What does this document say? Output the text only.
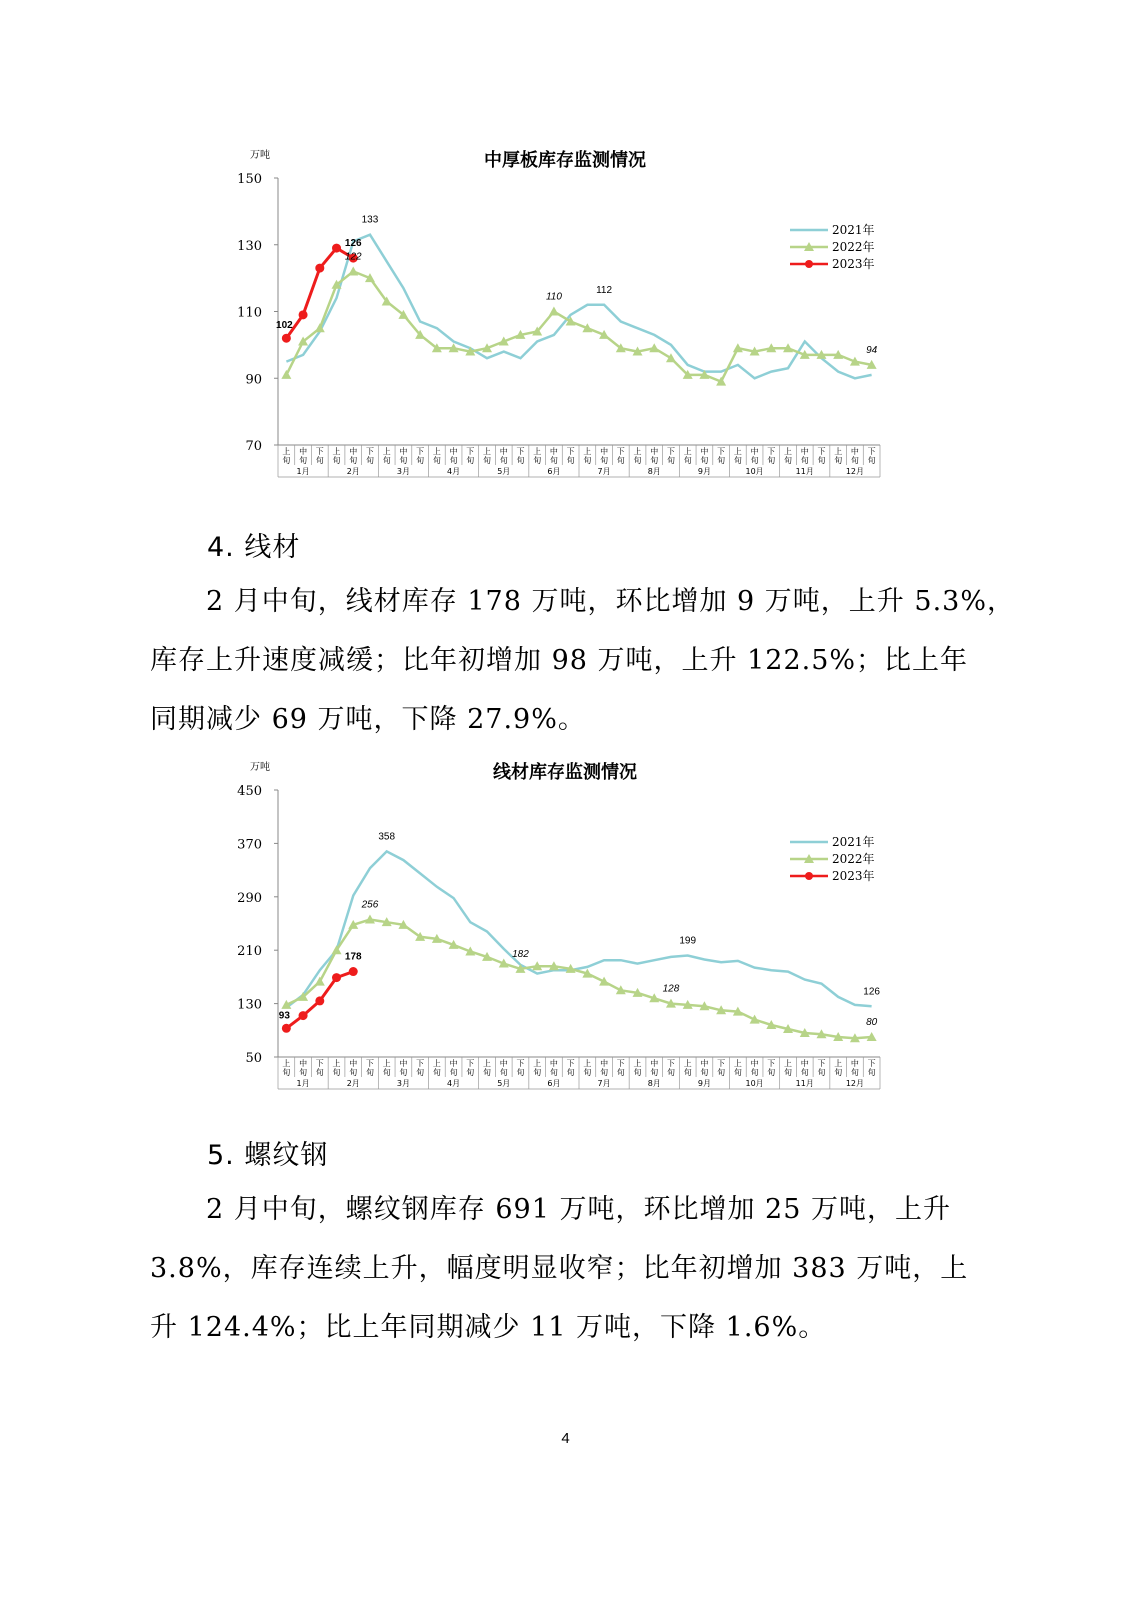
中厚板库存监测情况
万吨
70
90
110
130
150
上
旬
中
旬
下
旬
上
旬
中
旬
下
旬
上
旬
中
旬
下
旬
上
旬
中
旬
下
旬
上
旬
中
旬
下
旬
上
旬
中
旬
下
旬
上
旬
中
旬
下
旬
上
旬
中
旬
下
旬
上
旬
中
旬
下
旬
上
旬
中
旬
下
旬
上
旬
中
旬
下
旬
上
旬
中
旬
下
旬
1月	2月	3月	4月	5月	6月	7月	8月	9月	10月	11月	12月
102
126
122
133
110
112
94
2021年
2022年
2023年
4. 线材
2 月中旬，线材库存 178 万吨，环比增加 9 万吨，上升 5.3%，
库存上升速度减缓；比年初增加 98 万吨，上升 122.5%；比上年
同期减少 69 万吨，下降 27.9%。
线材库存监测情况
万吨
50
130
210
290
370
450
上
旬
中
旬
下
旬
上
旬
中
旬
下
旬
上
旬
中
旬
下
旬
上
旬
中
旬
下
旬
上
旬
中
旬
下
旬
上
旬
中
旬
下
旬
上
旬
中
旬
下
旬
上
旬
中
旬
下
旬
上
旬
中
旬
下
旬
上
旬
中
旬
下
旬
上
旬
中
旬
下
旬
上
旬
中
旬
下
旬
1月	2月	3月	4月	5月	6月	7月	8月	9月	10月	11月	12月
93
178
256
358
182
128
199
126
80
2021年
2022年
2023年
5. 螺纹钢
2 月中旬，螺纹钢库存 691 万吨，环比增加 25 万吨，上升
3.8%，库存连续上升，幅度明显收窄；比年初增加 383 万吨，上
升 124.4%；比上年同期减少 11 万吨，下降 1.6%。
4
